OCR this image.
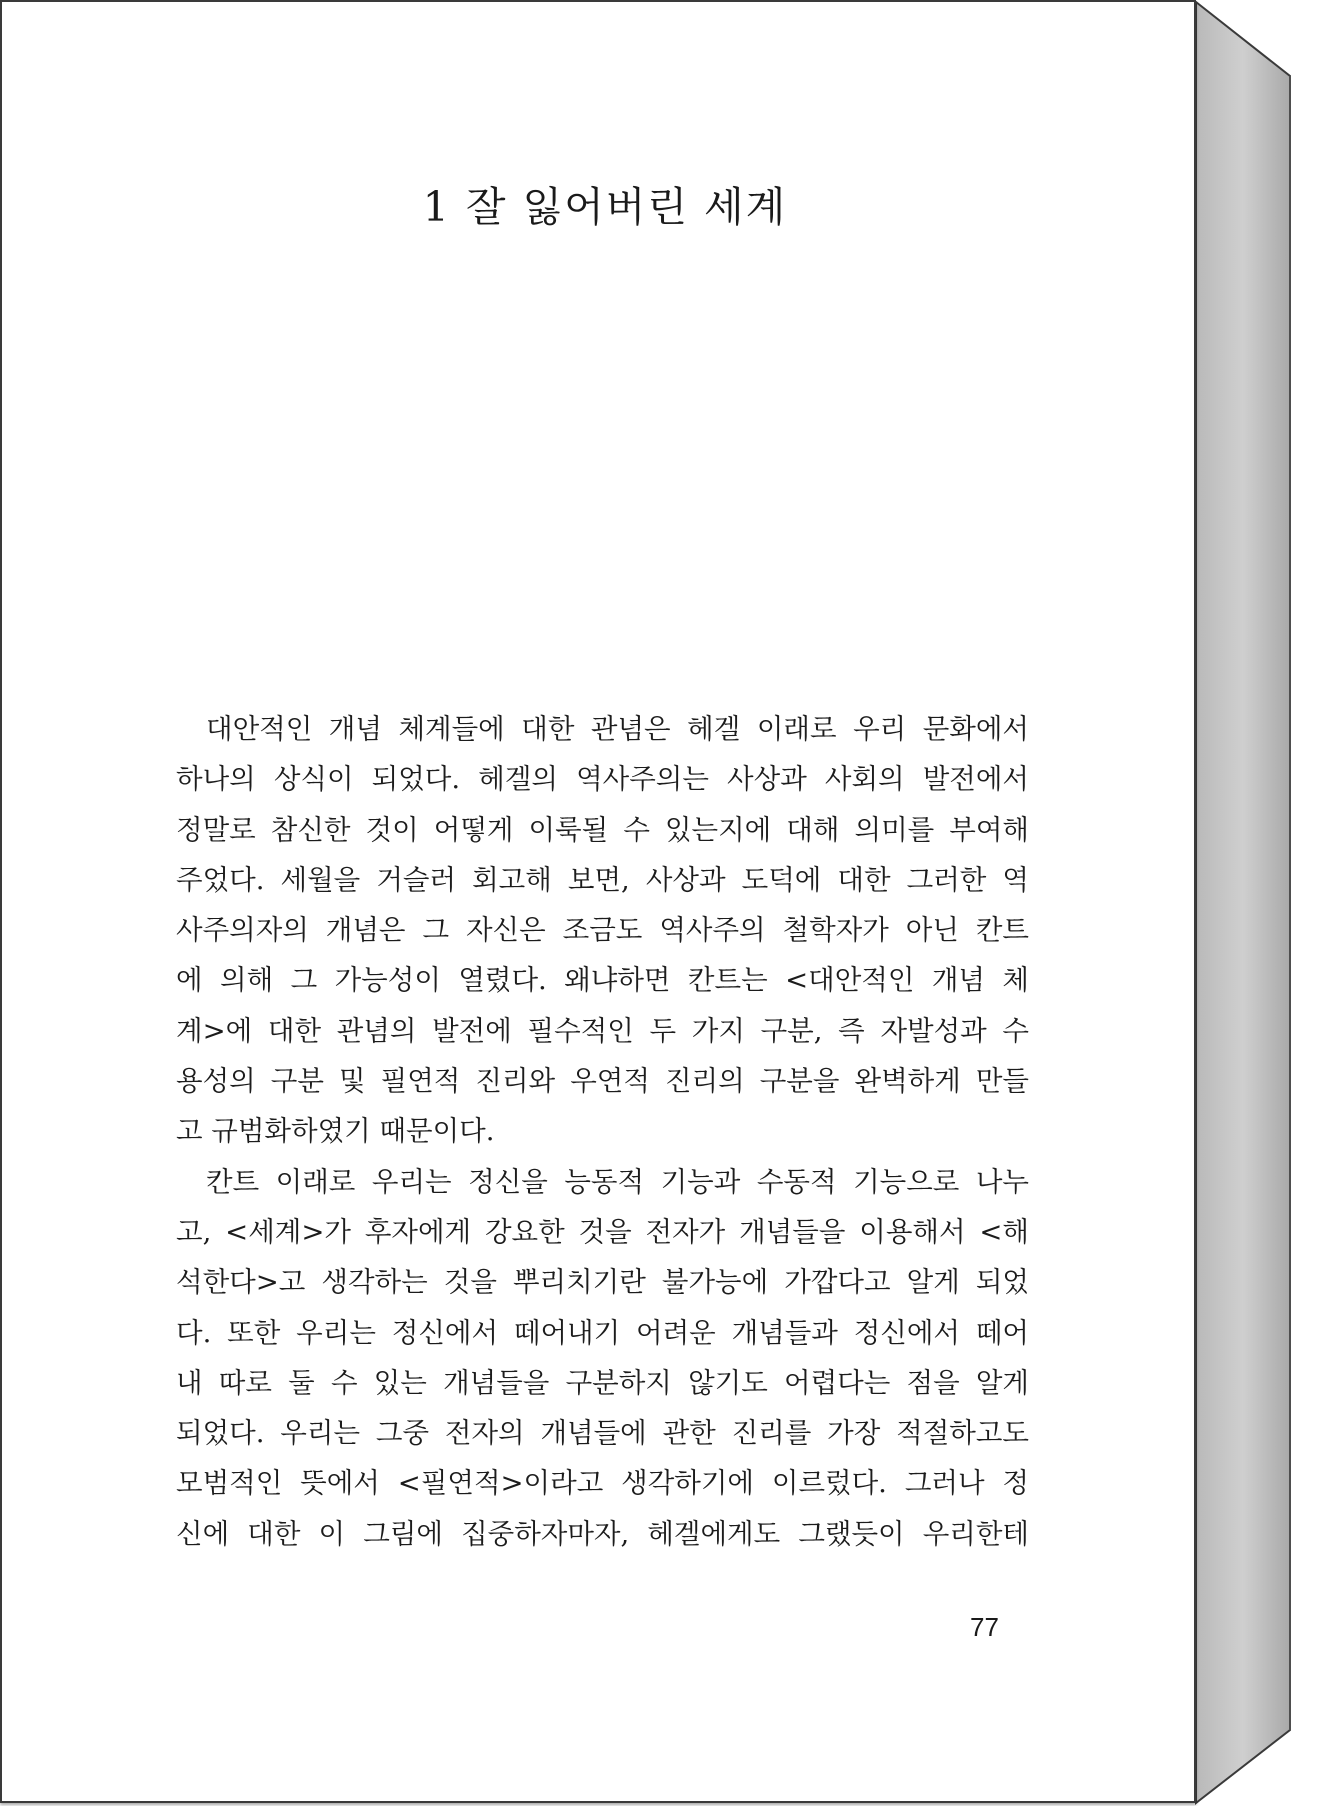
1 잘 잃어버린 세계
대안적인 개념 체계들에 대한 관념은 헤겔 이래로 우리 문화에서
하나의 상식이 되었다. 헤겔의 역사주의는 사상과 사회의 발전에서
정말로 참신한 것이 어떻게 이룩될 수 있는지에 대해 의미를 부여해
주었다. 세월을 거슬러 회고해 보면, 사상과 도덕에 대한 그러한 역
사주의자의 개념은 그 자신은 조금도 역사주의 철학자가 아닌 칸트
에 의해 그 가능성이 열렸다. 왜냐하면 칸트는 <대안적인 개념 체
계>에 대한 관념의 발전에 필수적인 두 가지 구분, 즉 자발성과 수
용성의 구분 및 필연적 진리와 우연적 진리의 구분을 완벽하게 만들
고 규범화하였기 때문이다.
칸트 이래로 우리는 정신을 능동적 기능과 수동적 기능으로 나누
고, <세계>가 후자에게 강요한 것을 전자가 개념들을 이용해서 <해
석한다>고 생각하는 것을 뿌리치기란 불가능에 가깝다고 알게 되었
다. 또한 우리는 정신에서 떼어내기 어려운 개념들과 정신에서 떼어
내 따로 둘 수 있는 개념들을 구분하지 않기도 어렵다는 점을 알게
되었다. 우리는 그중 전자의 개념들에 관한 진리를 가장 적절하고도
모범적인 뜻에서 <필연적>이라고 생각하기에 이르렀다. 그러나 정
신에 대한 이 그림에 집중하자마자, 헤겔에게도 그랬듯이 우리한테
77
